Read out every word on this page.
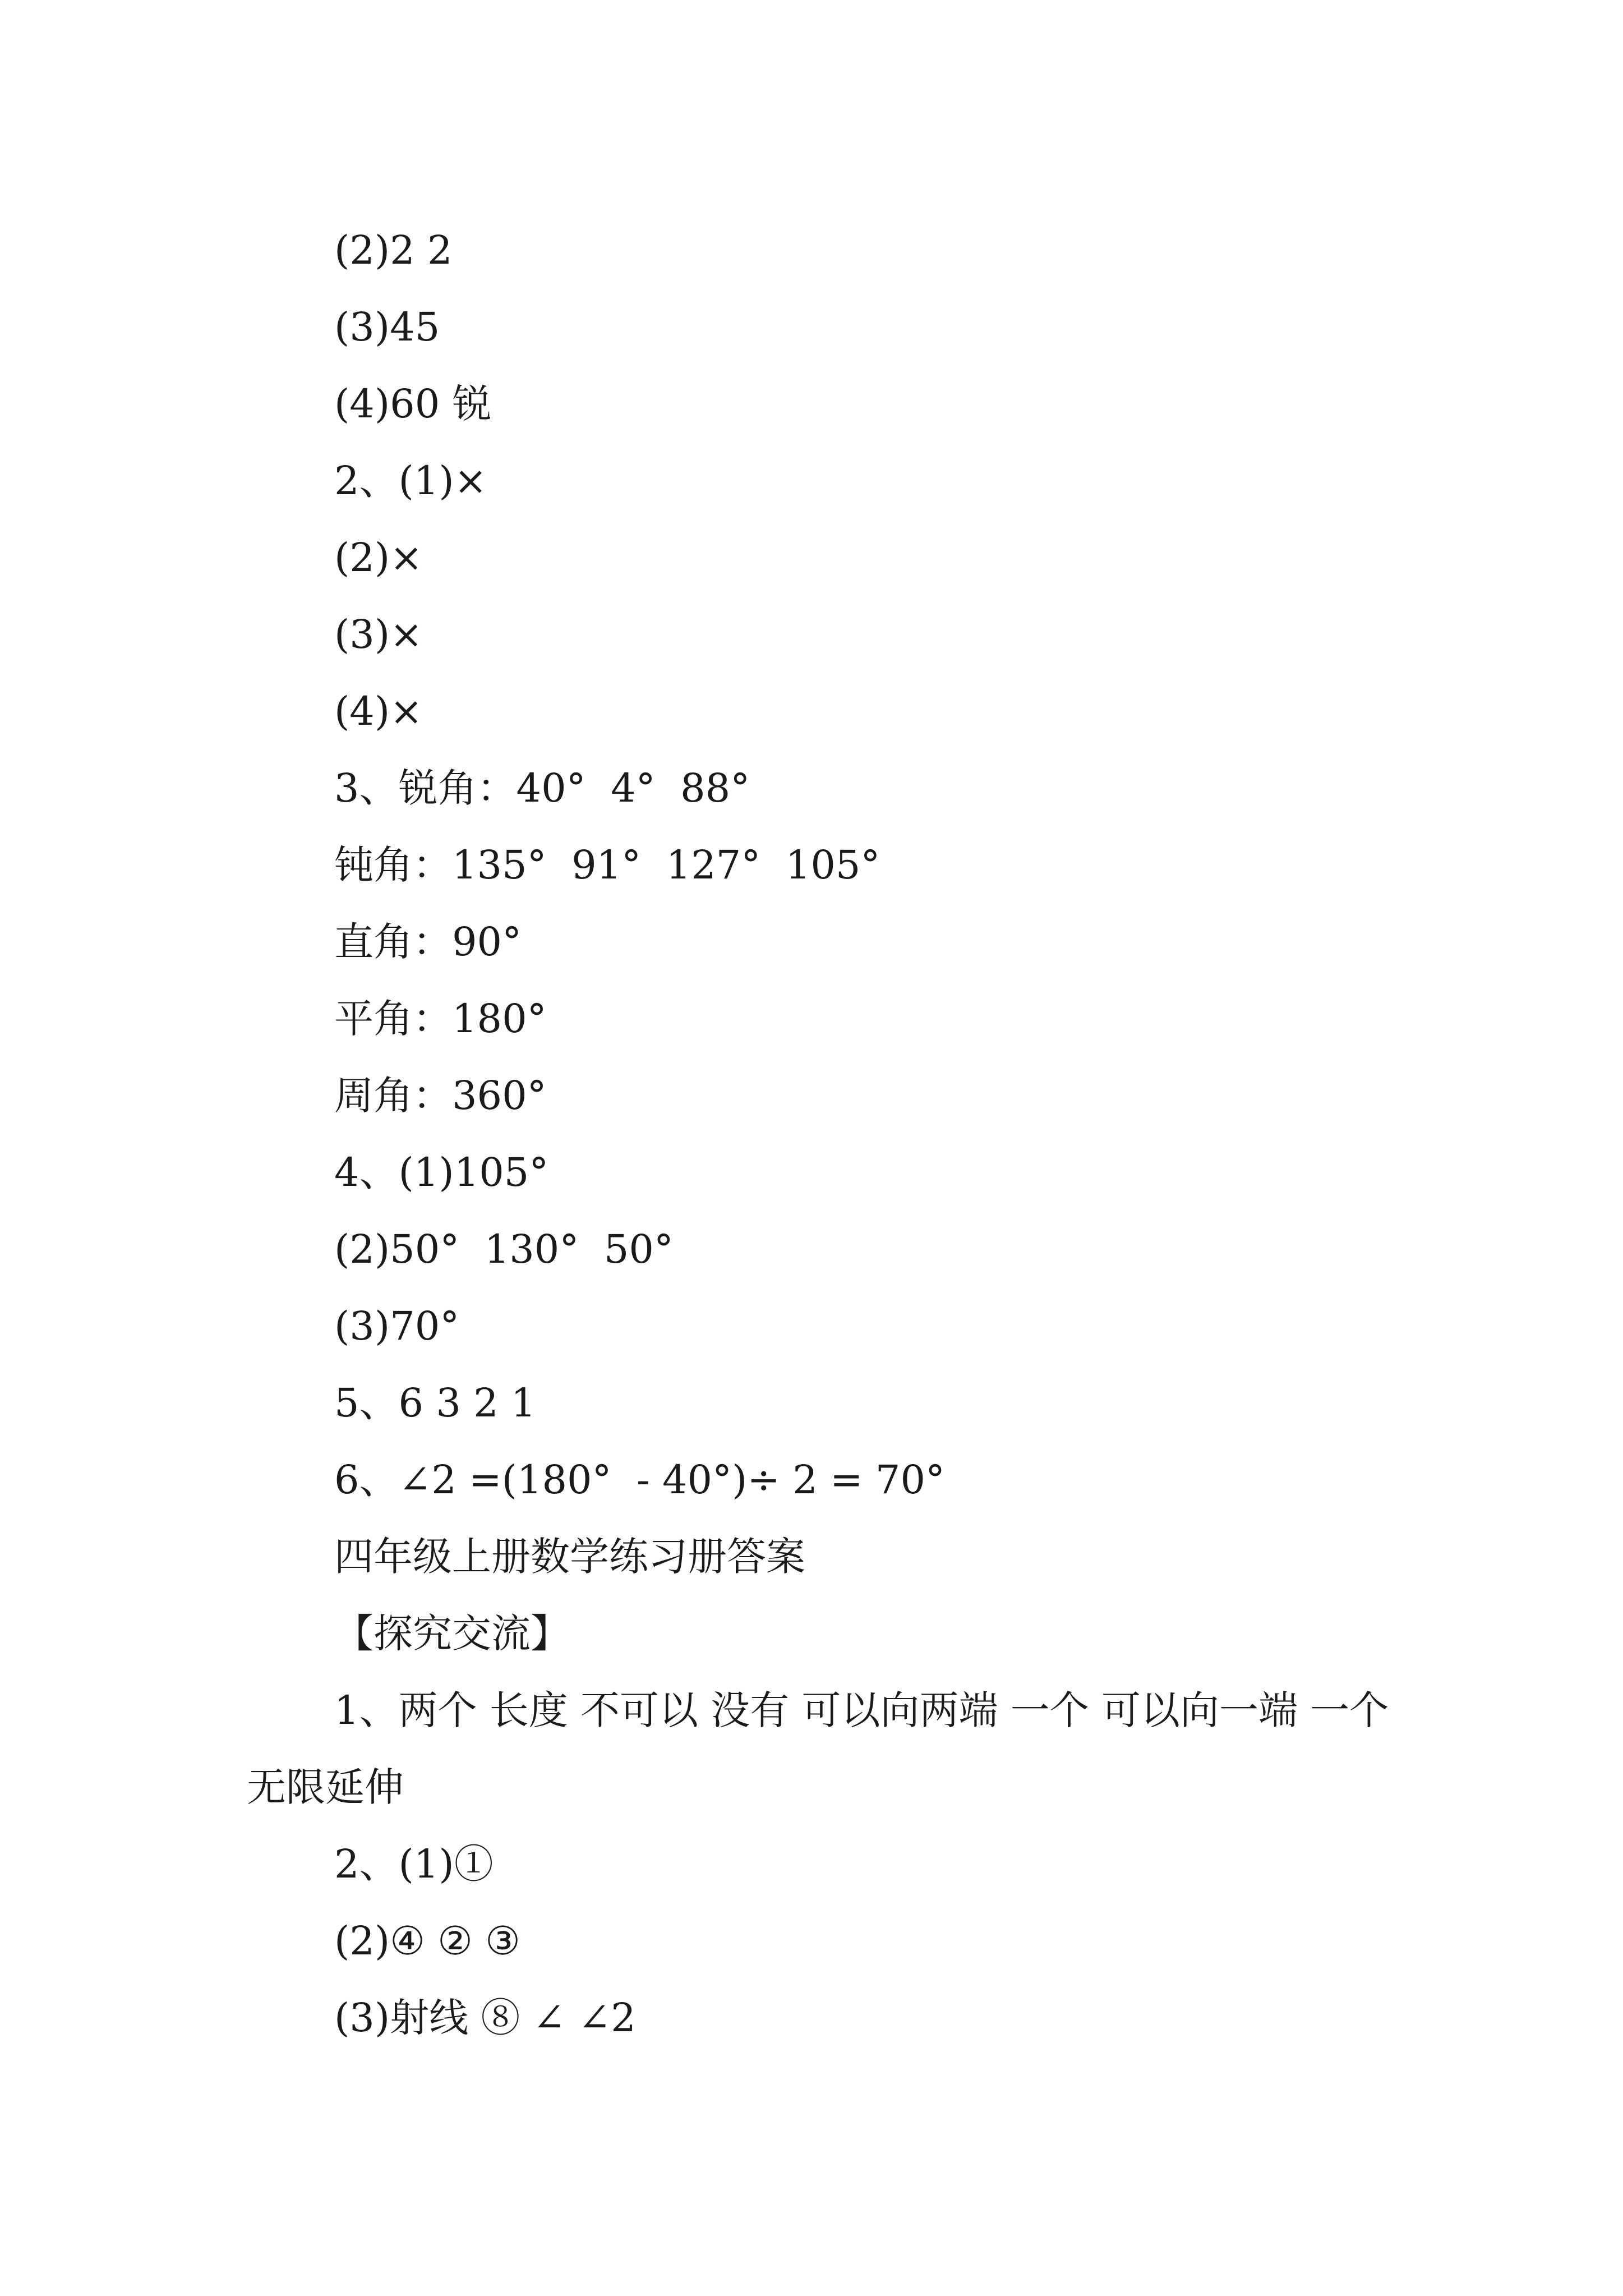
(2)2 2
(3)45
(4)60 锐
2、(1)×
(2)×
(3)×
(4)×
3、锐角：40°  4°  88°
钝角：135°  91°  127°  105°
直角：90°
平角：180°
周角：360°
4、(1)105°
(2)50°  130°  50°
(3)70°
5、6 3 2 1
6、∠2 =(180°  - 40°)÷ 2 = 70°
四年级上册数学练习册答案
【探究交流】
1、两个 长度 不可以 没有 可以向两端 一个 可以向一端 一个 无限延伸
2、(1)①
(2)④ ② ③
(3)射线 ⑧ ∠ ∠2
